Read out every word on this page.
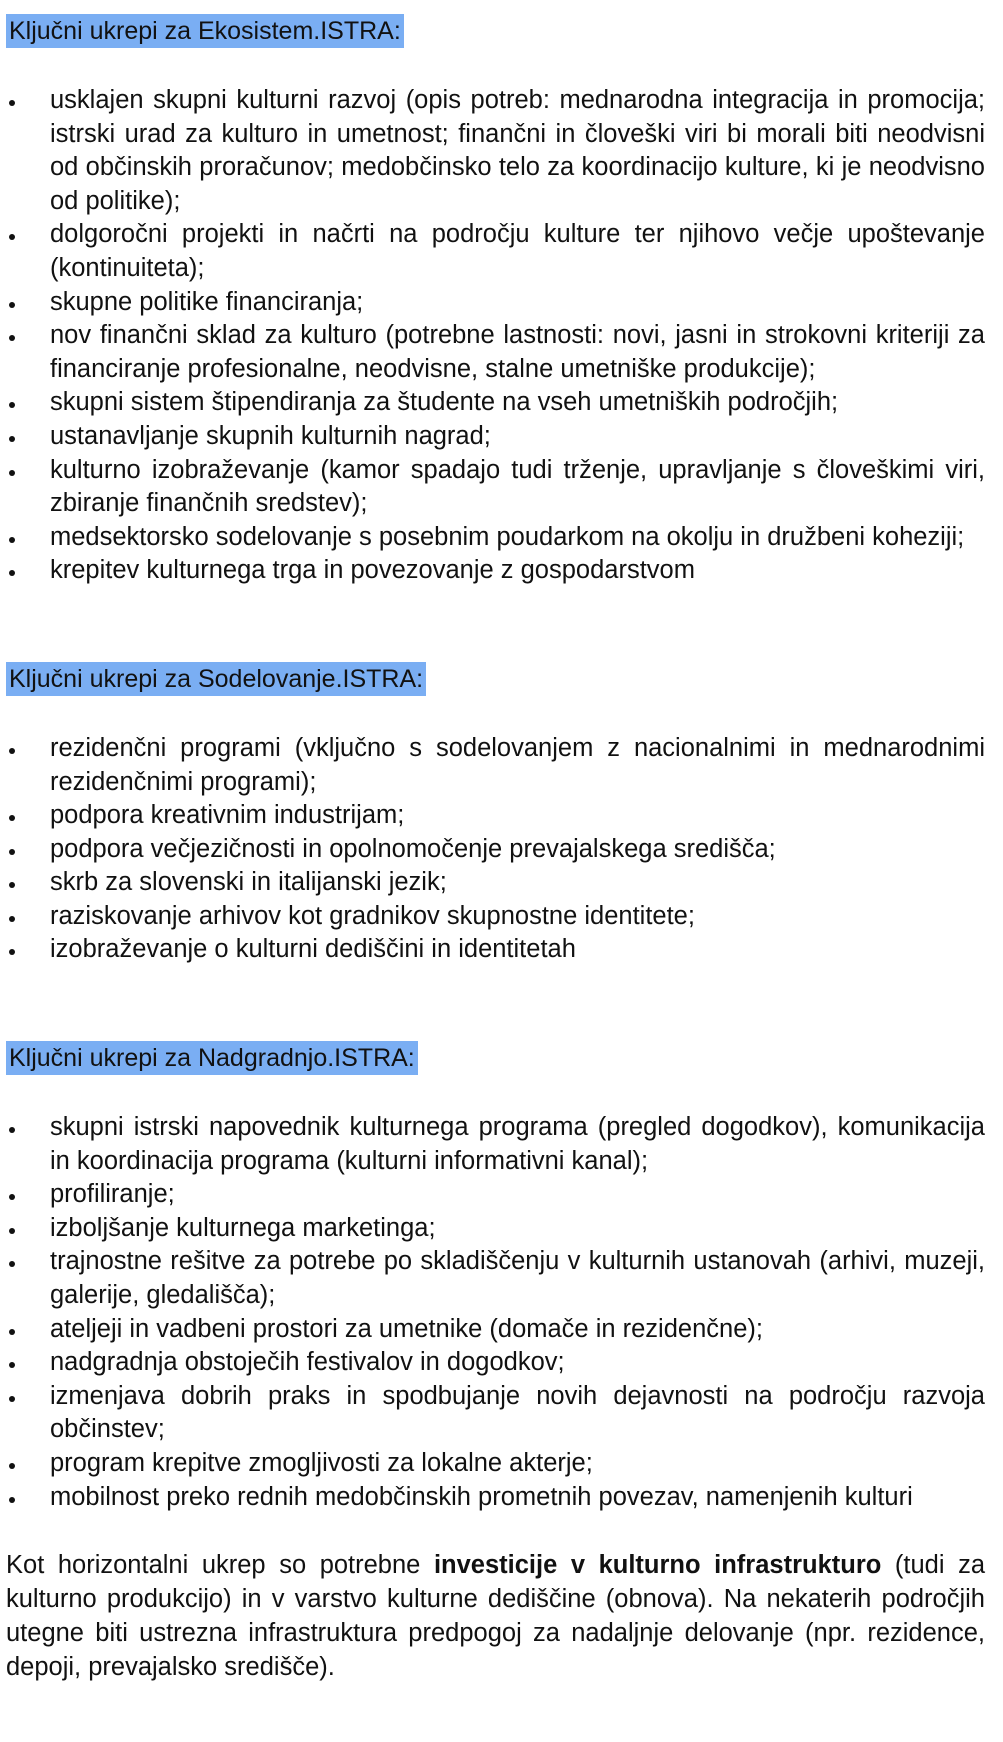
Ključni ukrepi za Ekosistem.ISTRA:
usklajen skupni kulturni razvoj (opis potreb: mednarodna integracija in promocija; istrski urad za kulturo in umetnost; finančni in človeški viri bi morali biti neodvisni od občinskih proračunov; medobčinsko telo za koordinacijo kulture, ki je neodvisno od politike);
dolgoročni projekti in načrti na področju kulture ter njihovo večje upoštevanje (kontinuiteta);
skupne politike financiranja;
nov finančni sklad za kulturo (potrebne lastnosti: novi, jasni in strokovni kriteriji za financiranje profesionalne, neodvisne, stalne umetniške produkcije);
skupni sistem štipendiranja za študente na vseh umetniških področjih;
ustanavljanje skupnih kulturnih nagrad;
kulturno izobraževanje (kamor spadajo tudi trženje, upravljanje s človeškimi viri, zbiranje finančnih sredstev);
medsektorsko sodelovanje s posebnim poudarkom na okolju in družbeni koheziji;
krepitev kulturnega trga in povezovanje z gospodarstvom
Ključni ukrepi za Sodelovanje.ISTRA:
rezidenčni programi (vključno s sodelovanjem z nacionalnimi in mednarodnimi rezidenčnimi programi);
podpora kreativnim industrijam;
podpora večjezičnosti in opolnomočenje prevajalskega središča;
skrb za slovenski in italijanski jezik;
raziskovanje arhivov kot gradnikov skupnostne identitete;
izobraževanje o kulturni dediščini in identitetah
Ključni ukrepi za Nadgradnjo.ISTRA:
skupni istrski napovednik kulturnega programa (pregled dogodkov), komunikacija in koordinacija programa (kulturni informativni kanal);
profiliranje;
izboljšanje kulturnega marketinga;
trajnostne rešitve za potrebe po skladiščenju v kulturnih ustanovah (arhivi, muzeji, galerije, gledališča);
ateljeji in vadbeni prostori za umetnike (domače in rezidenčne);
nadgradnja obstoječih festivalov in dogodkov;
izmenjava dobrih praks in spodbujanje novih dejavnosti na področju razvoja občinstev;
program krepitve zmogljivosti za lokalne akterje;
mobilnost preko rednih medobčinskih prometnih povezav, namenjenih kulturi

Kot horizontalni ukrep so potrebne investicije v kulturno infrastrukturo (tudi za kulturno produkcijo) in v varstvo kulturne dediščine (obnova). Na nekaterih področjih utegne biti ustrezna infrastruktura predpogoj za nadaljnje delovanje (npr. rezidence, depoji, prevajalsko središče).
